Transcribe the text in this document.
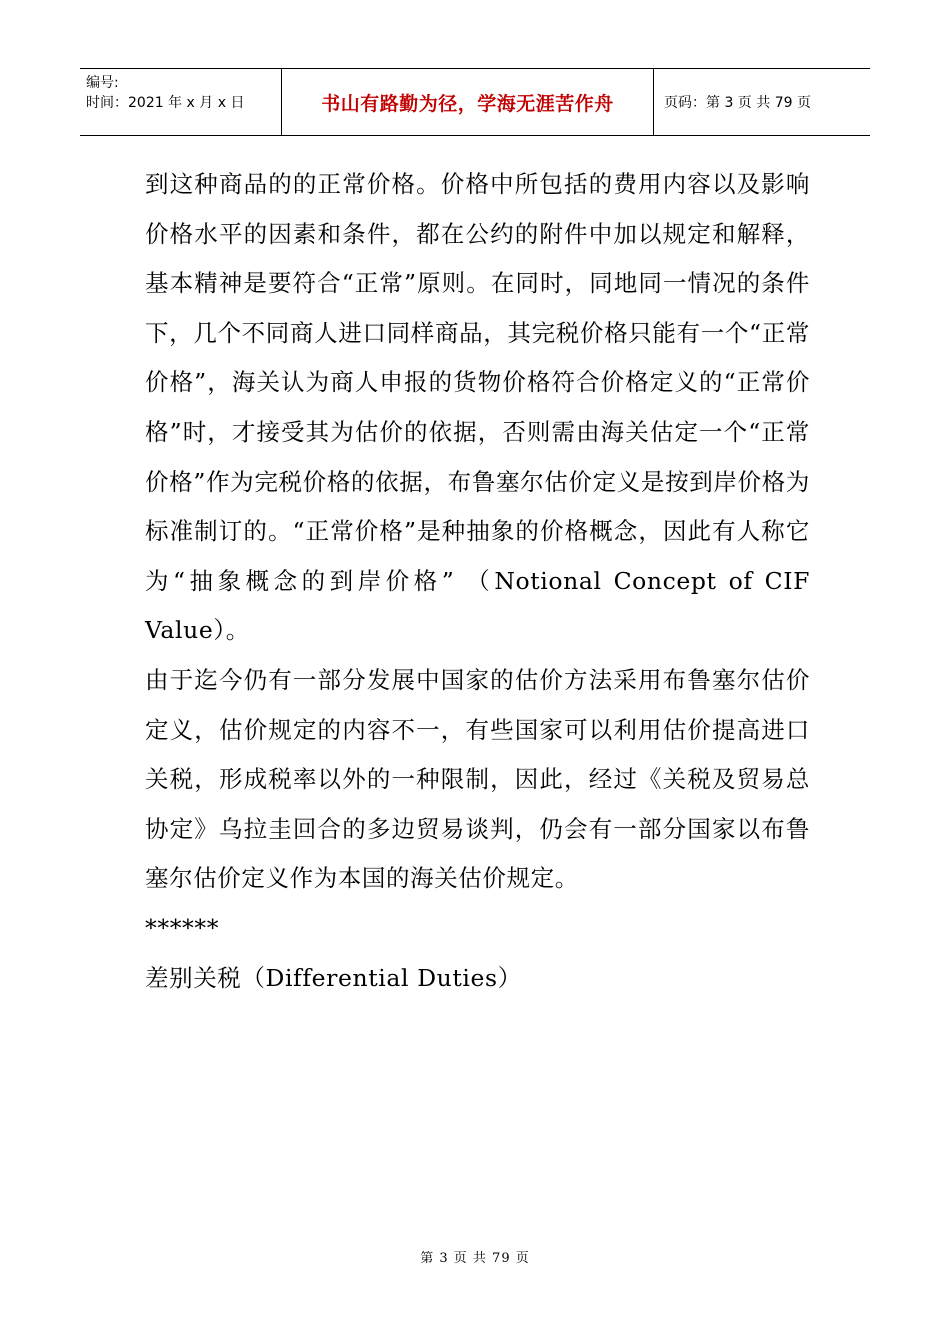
编号:
时间：2021 年 x 月 x 日	书山有路勤为径，学海无涯苦作舟	页码：第 3 页 共 79 页

到这种商品的的正常价格。价格中所包括的费用内容以及影响价格水平的因素和条件，都在公约的附件中加以规定和解释，基本精神是要符合“正常”原则。在同时，同地同一情况的条件下，几个不同商人进口同样商品，其完税价格只能有一个“正常价格”，海关认为商人申报的货物价格符合价格定义的“正常价格”时，才接受其为估价的依据，否则需由海关估定一个“正常价格”作为完税价格的依据，布鲁塞尔估价定义是按到岸价格为标准制订的。“正常价格”是种抽象的价格概念，因此有人称它为“抽象概念的到岸价格” （Notional Concept of CIF Value）。

由于迄今仍有一部分发展中国家的估价方法采用布鲁塞尔估价定义，估价规定的内容不一，有些国家可以利用估价提高进口关税，形成税率以外的一种限制，因此，经过《关税及贸易总协定》乌拉圭回合的多边贸易谈判，仍会有一部分国家以布鲁塞尔估价定义作为本国的海关估价规定。

******

差别关税（Differential Duties）

第 3 页 共 79 页
